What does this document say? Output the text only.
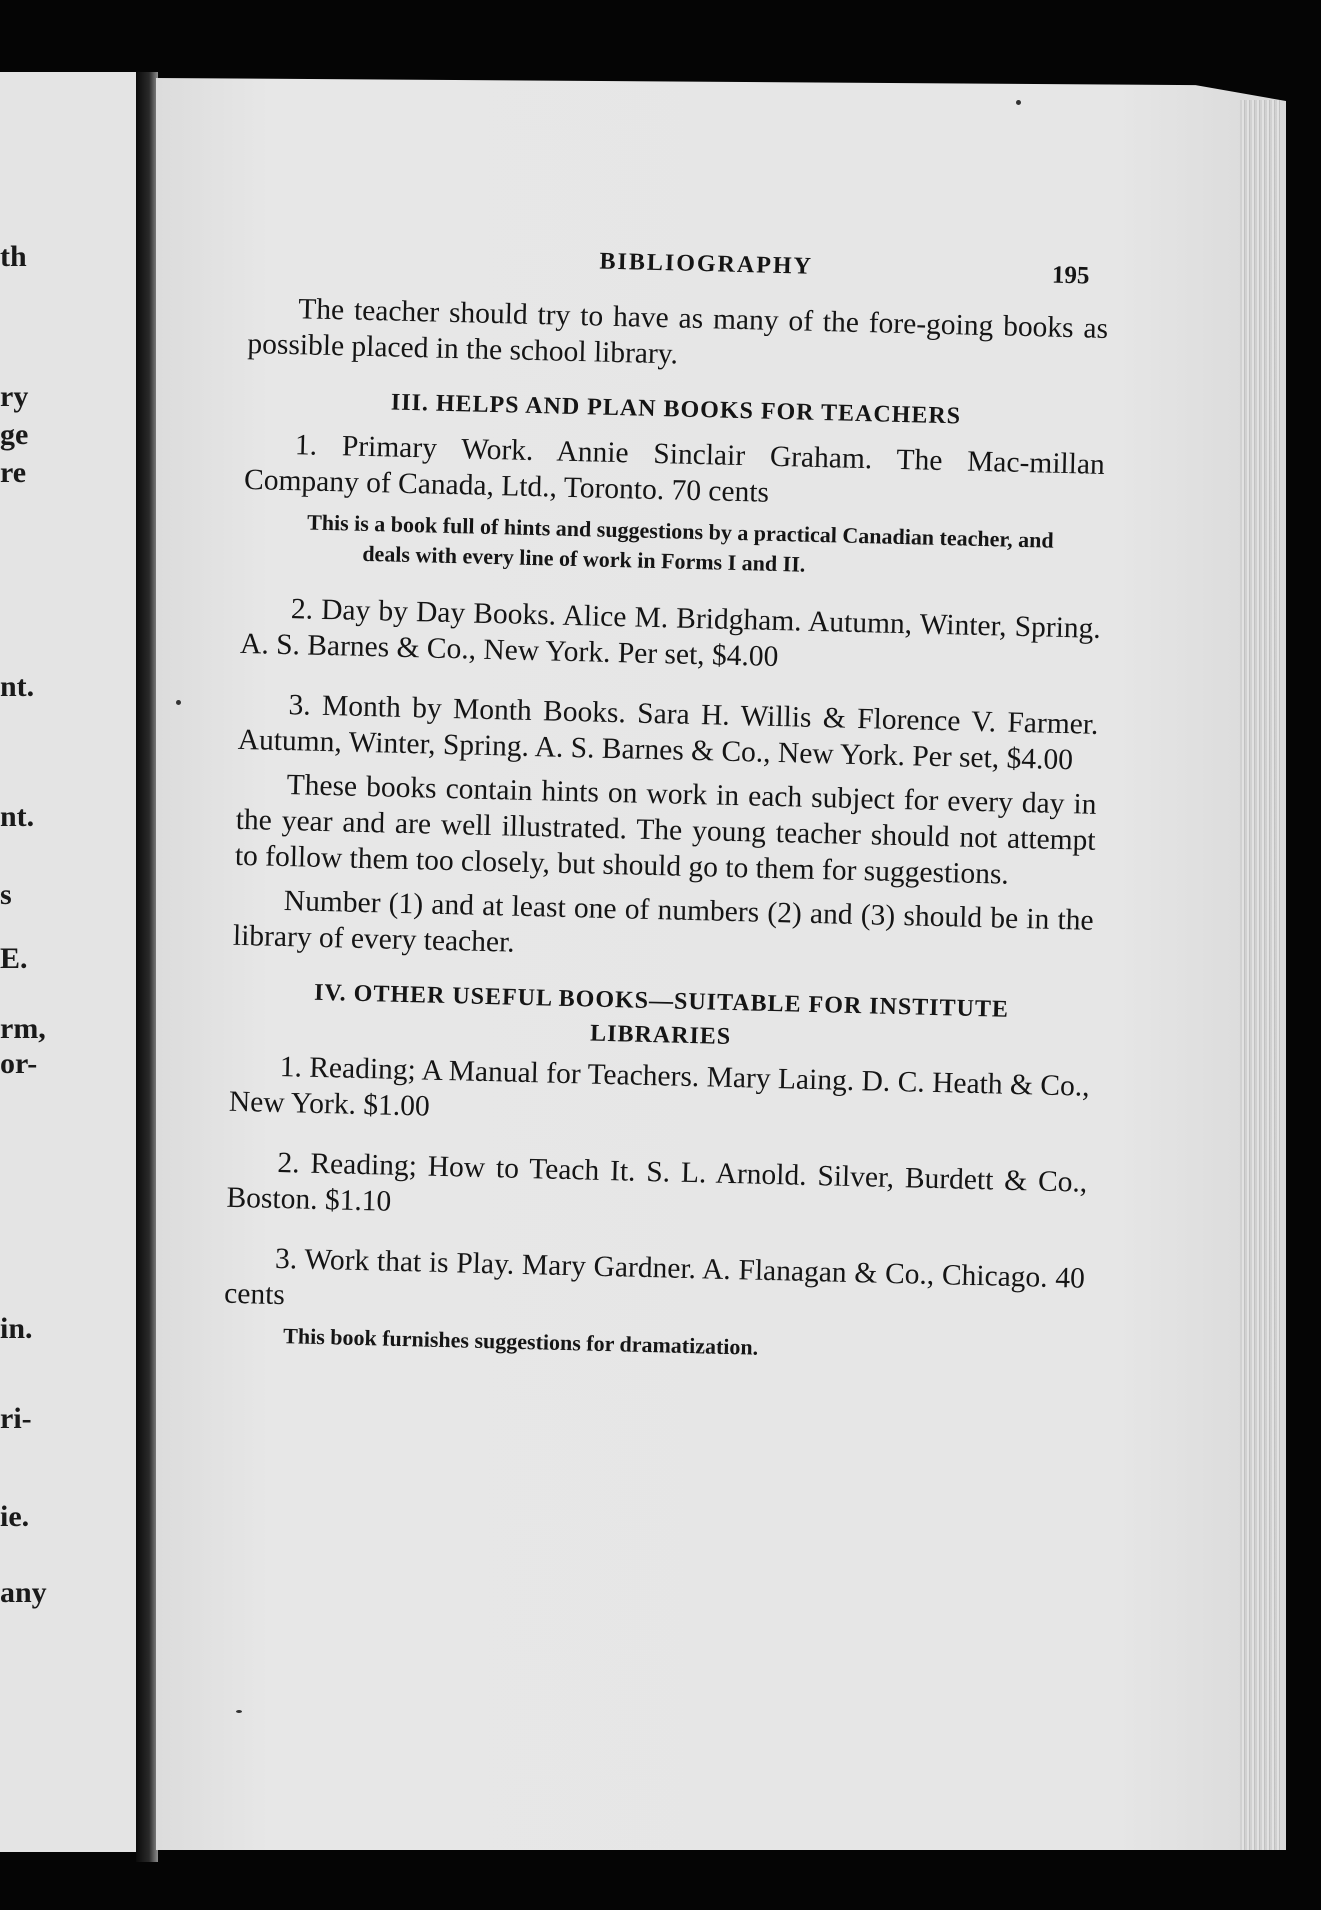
th
ry
ge
re
nt.
nt.
s
E.
rm,
or-
in.
ri-
ie.
any
BIBLIOGRAPHY	195

The teacher should try to have as many of the fore-going books as possible placed in the school library.

III. HELPS AND PLAN BOOKS FOR TEACHERS

1. Primary Work. Annie Sinclair Graham. The Mac-millan Company of Canada, Ltd., Toronto. 70 cents

This is a book full of hints and suggestions by a practical Canadian teacher, and deals with every line of work in Forms I and II.

2. Day by Day Books. Alice M. Bridgham. Autumn, Winter, Spring. A. S. Barnes & Co., New York. Per set, $4.00

3. Month by Month Books. Sara H. Willis & Florence V. Farmer. Autumn, Winter, Spring. A. S. Barnes & Co., New York. Per set, $4.00

These books contain hints on work in each subject for every day in the year and are well illustrated. The young teacher should not attempt to follow them too closely, but should go to them for suggestions.

Number (1) and at least one of numbers (2) and (3) should be in the library of every teacher.

IV. OTHER USEFUL BOOKS—SUITABLE FOR INSTITUTE
LIBRARIES

1. Reading; A Manual for Teachers. Mary Laing. D. C. Heath & Co., New York. $1.00

2. Reading; How to Teach It. S. L. Arnold. Silver, Burdett & Co., Boston. $1.10

3. Work that is Play. Mary Gardner. A. Flanagan & Co., Chicago. 40 cents

This book furnishes suggestions for dramatization.
